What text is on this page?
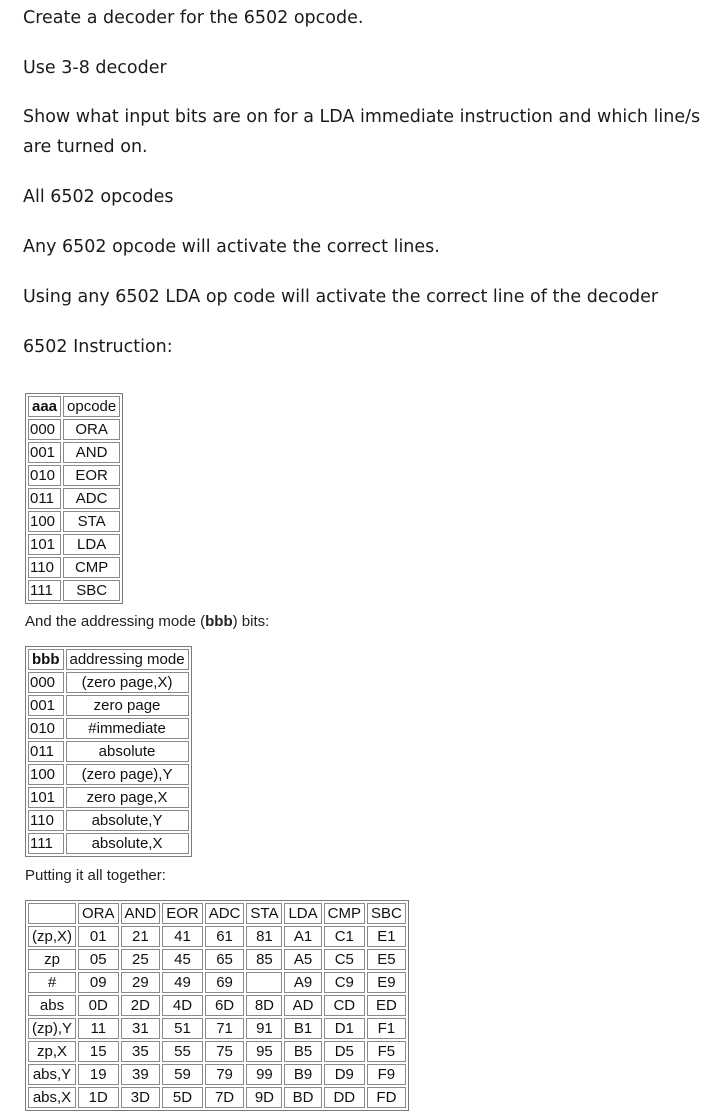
Create a decoder for the 6502 opcode.

Use 3-8 decoder

Show what input bits are on for a LDA immediate instruction and which line/s are turned on.

All 6502 opcodes

Any 6502 opcode will activate the correct lines.

Using any 6502 LDA op code will activate the correct line of the decoder

6502 Instruction:

aaa	opcode
000	ORA
001	AND
010	EOR
011	ADC
100	STA
101	LDA
110	CMP
111	SBC

And the addressing mode (bbb) bits:

bbb	addressing mode
000	(zero page,X)
001	zero page
010	#immediate
011	absolute
100	(zero page),Y
101	zero page,X
110	absolute,Y
111	absolute,X

Putting it all together:

	ORA	AND	EOR	ADC	STA	LDA	CMP	SBC
(zp,X)	01	21	41	61	81	A1	C1	E1
zp	05	25	45	65	85	A5	C5	E5
#	09	29	49	69		A9	C9	E9
abs	0D	2D	4D	6D	8D	AD	CD	ED
(zp),Y	11	31	51	71	91	B1	D1	F1
zp,X	15	35	55	75	95	B5	D5	F5
abs,Y	19	39	59	79	99	B9	D9	F9
abs,X	1D	3D	5D	7D	9D	BD	DD	FD
